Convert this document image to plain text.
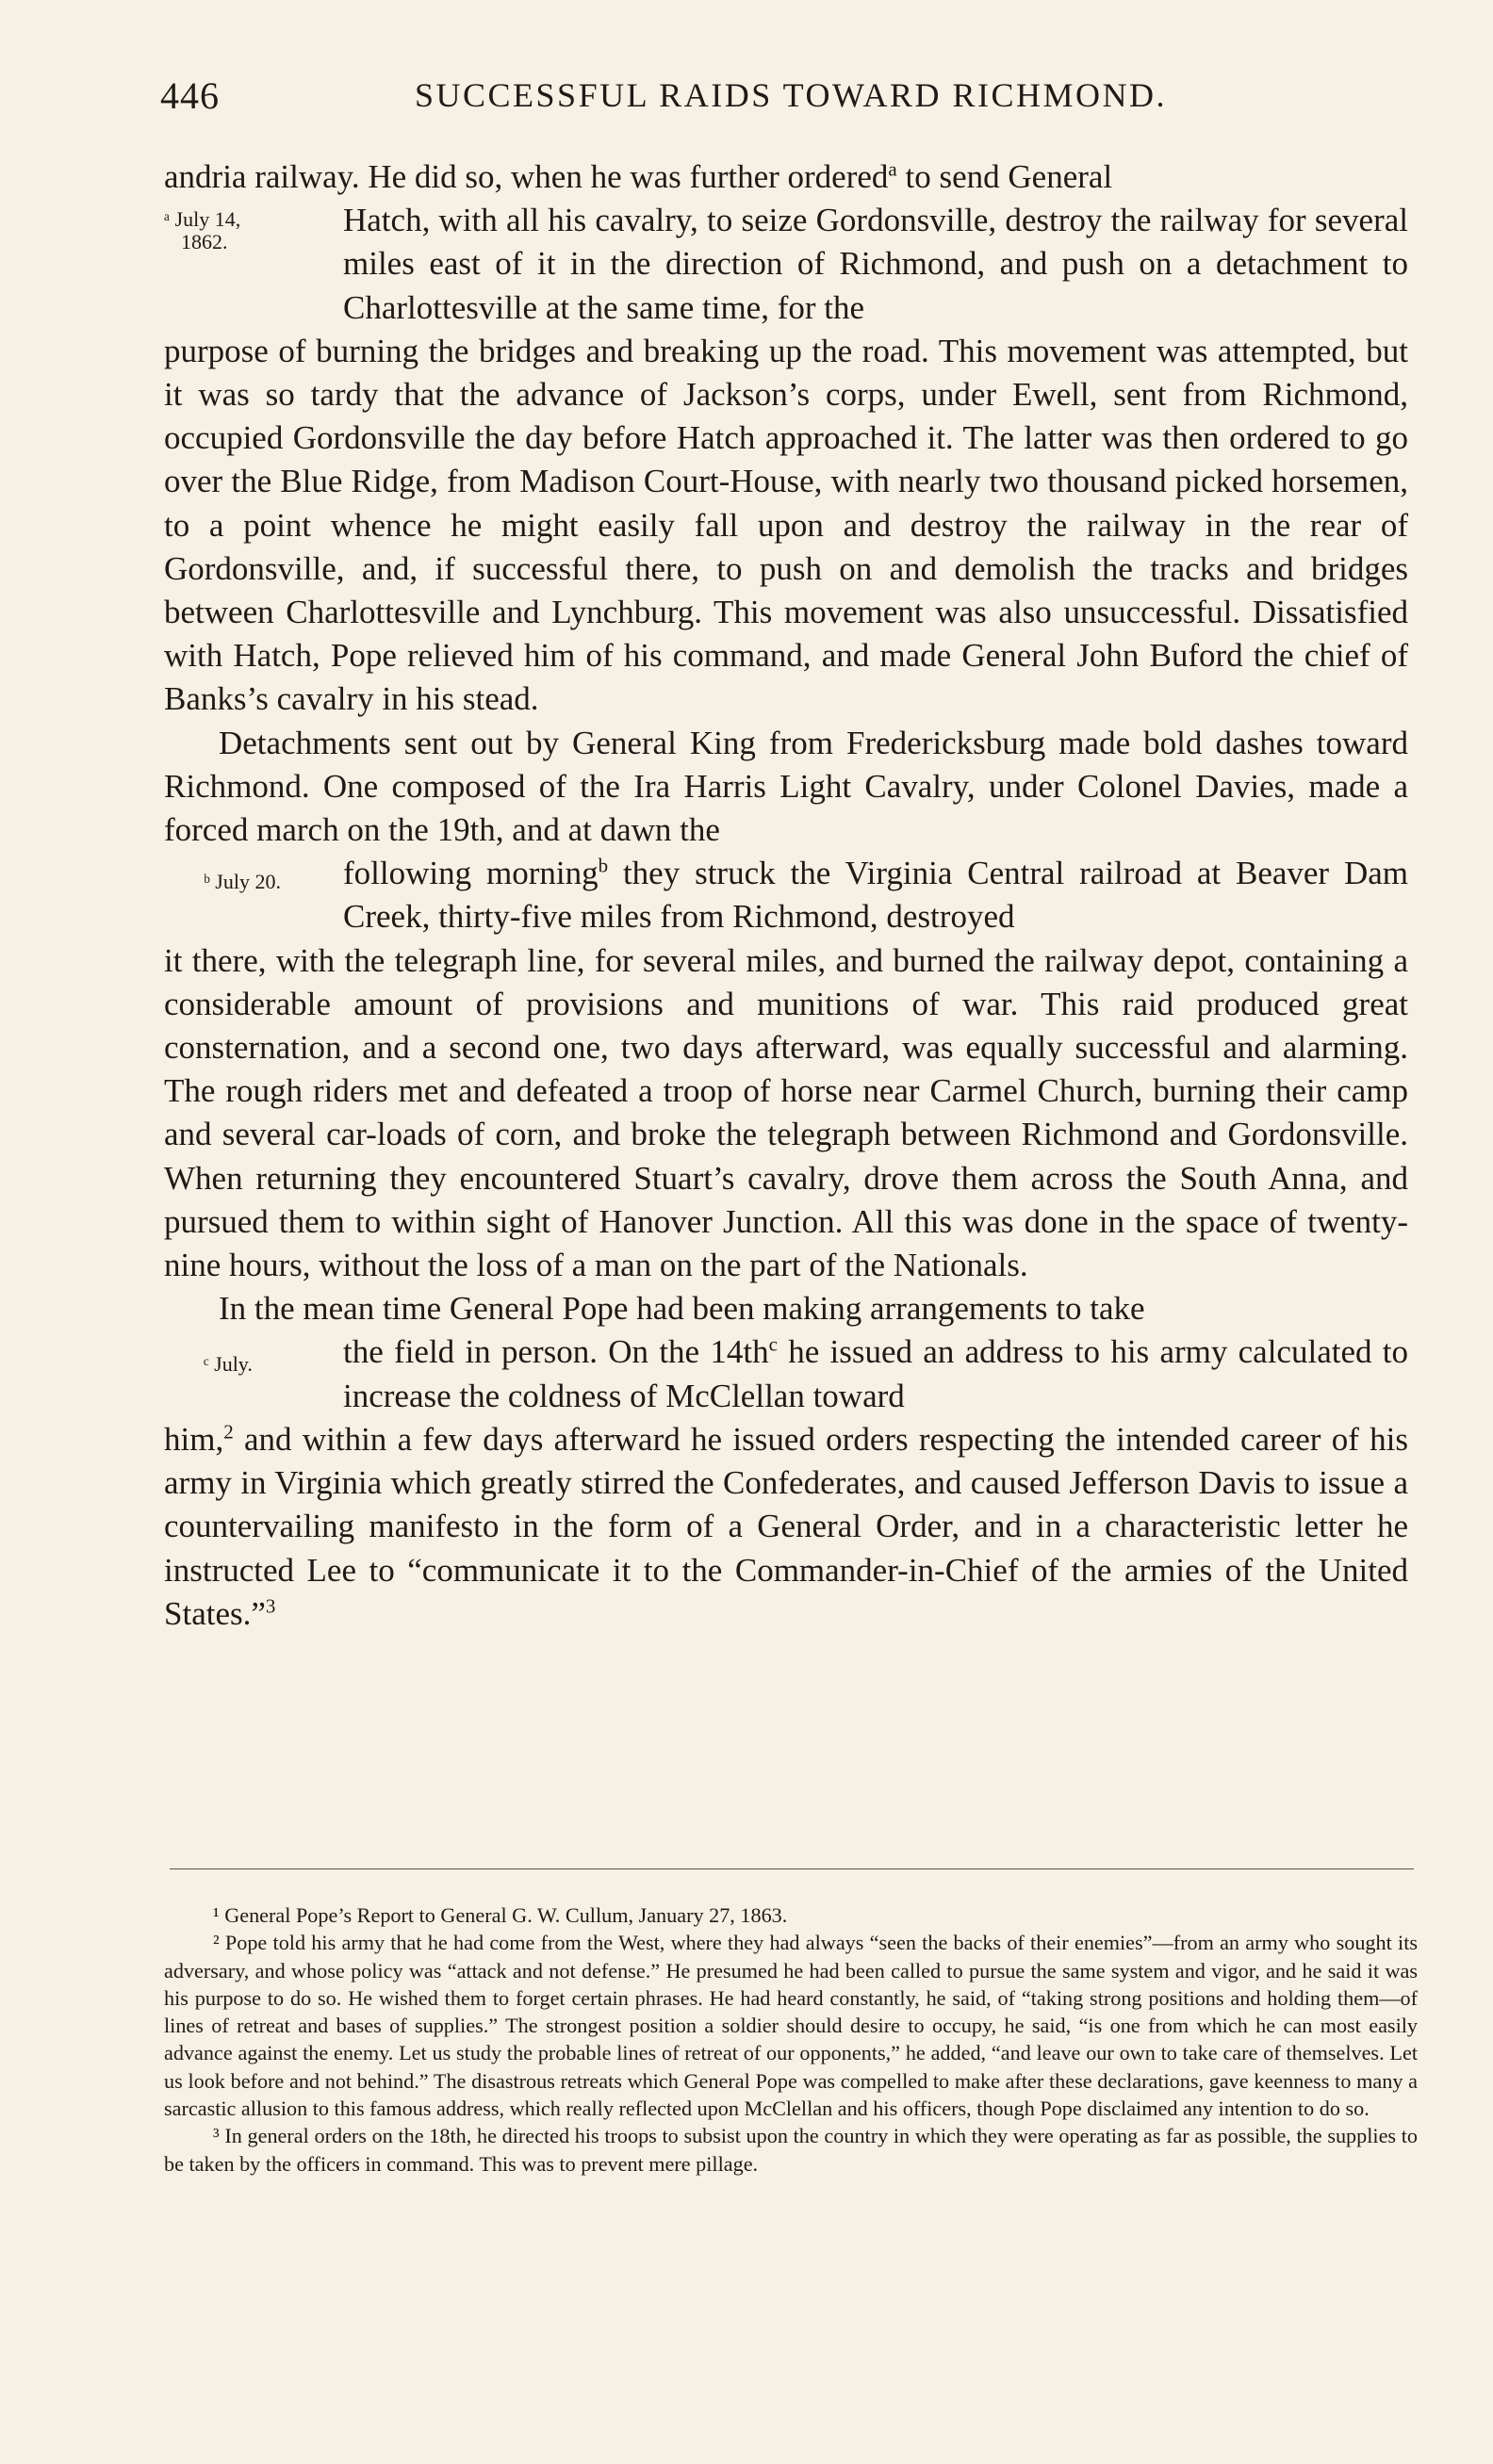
446	SUCCESSFUL RAIDS TOWARD RICHMOND.

andria railway. He did so, when he was further ordered$^a$ to send General

ᵃ July 14,
1862.
Hatch, with all his cavalry, to seize Gordonsville, destroy the railway for several miles east of it in the direction of Richmond, and push on a detachment to Charlottesville at the same time, for the

purpose of burning the bridges and breaking up the road. This movement was attempted, but it was so tardy that the advance of Jackson’s corps, under Ewell, sent from Richmond, occupied Gordonsville the day before Hatch approached it. The latter was then ordered to go over the Blue Ridge, from Madison Court-House, with nearly two thousand picked horsemen, to a point whence he might easily fall upon and destroy the railway in the rear of Gordonsville, and, if successful there, to push on and demolish the tracks and bridges between Charlottesville and Lynchburg. This movement was also unsuccessful. Dissatisfied with Hatch, Pope relieved him of his command, and made General John Buford the chief of Banks’s cavalry in his stead.

Detachments sent out by General King from Fredericksburg made bold dashes toward Richmond. One composed of the Ira Harris Light Cavalry, under Colonel Davies, made a forced march on the 19th, and at dawn the

ᵇ July 20. following morning$^b$ they struck the Virginia Central railroad at Beaver Dam Creek, thirty-five miles from Richmond, destroyed

it there, with the telegraph line, for several miles, and burned the railway depot, containing a considerable amount of provisions and munitions of war. This raid produced great consternation, and a second one, two days afterward, was equally successful and alarming. The rough riders met and defeated a troop of horse near Carmel Church, burning their camp and several car-loads of corn, and broke the telegraph between Richmond and Gordonsville. When returning they encountered Stuart’s cavalry, drove them across the South Anna, and pursued them to within sight of Hanover Junction. All this was done in the space of twenty-nine hours, without the loss of a man on the part of the Nationals.

In the mean time General Pope had been making arrangements to take

ᶜ July.	the field in person. On the $14th^c$ he issued an address to his army calculated to increase the coldness of McClellan toward

him,$^2$ and within a few days afterward he issued orders respecting the intended career of his army in Virginia which greatly stirred the Confederates, and caused Jefferson Davis to issue a countervailing manifesto in the form of a General Order, and in a characteristic letter he instructed Lee to “communicate it to the Commander-in-Chief of the armies of the United States.”$^3$

¹ General Pope’s Report to General G. W. Cullum, January 27, 1863.

² Pope told his army that he had come from the West, where they had always “seen the backs of their enemies”—from an army who sought its adversary, and whose policy was “attack and not defense.” He presumed he had been called to pursue the same system and vigor, and he said it was his purpose to do so. He wished them to forget certain phrases. He had heard constantly, he said, of “taking strong positions and holding them—of lines of retreat and bases of supplies.” The strongest position a soldier should desire to occupy, he said, “is one from which he can most easily advance against the enemy. Let us study the probable lines of retreat of our opponents,” he added, “and leave our own to take care of themselves. Let us look before and not behind.” The disastrous retreats which General Pope was compelled to make after these declarations, gave keenness to many a sarcastic allusion to this famous address, which really reflected upon McClellan and his officers, though Pope disclaimed any intention to do so.

³ In general orders on the 18th, he directed his troops to subsist upon the country in which they were operating as far as possible, the supplies to be taken by the officers in command. This was to prevent mere pillage.
